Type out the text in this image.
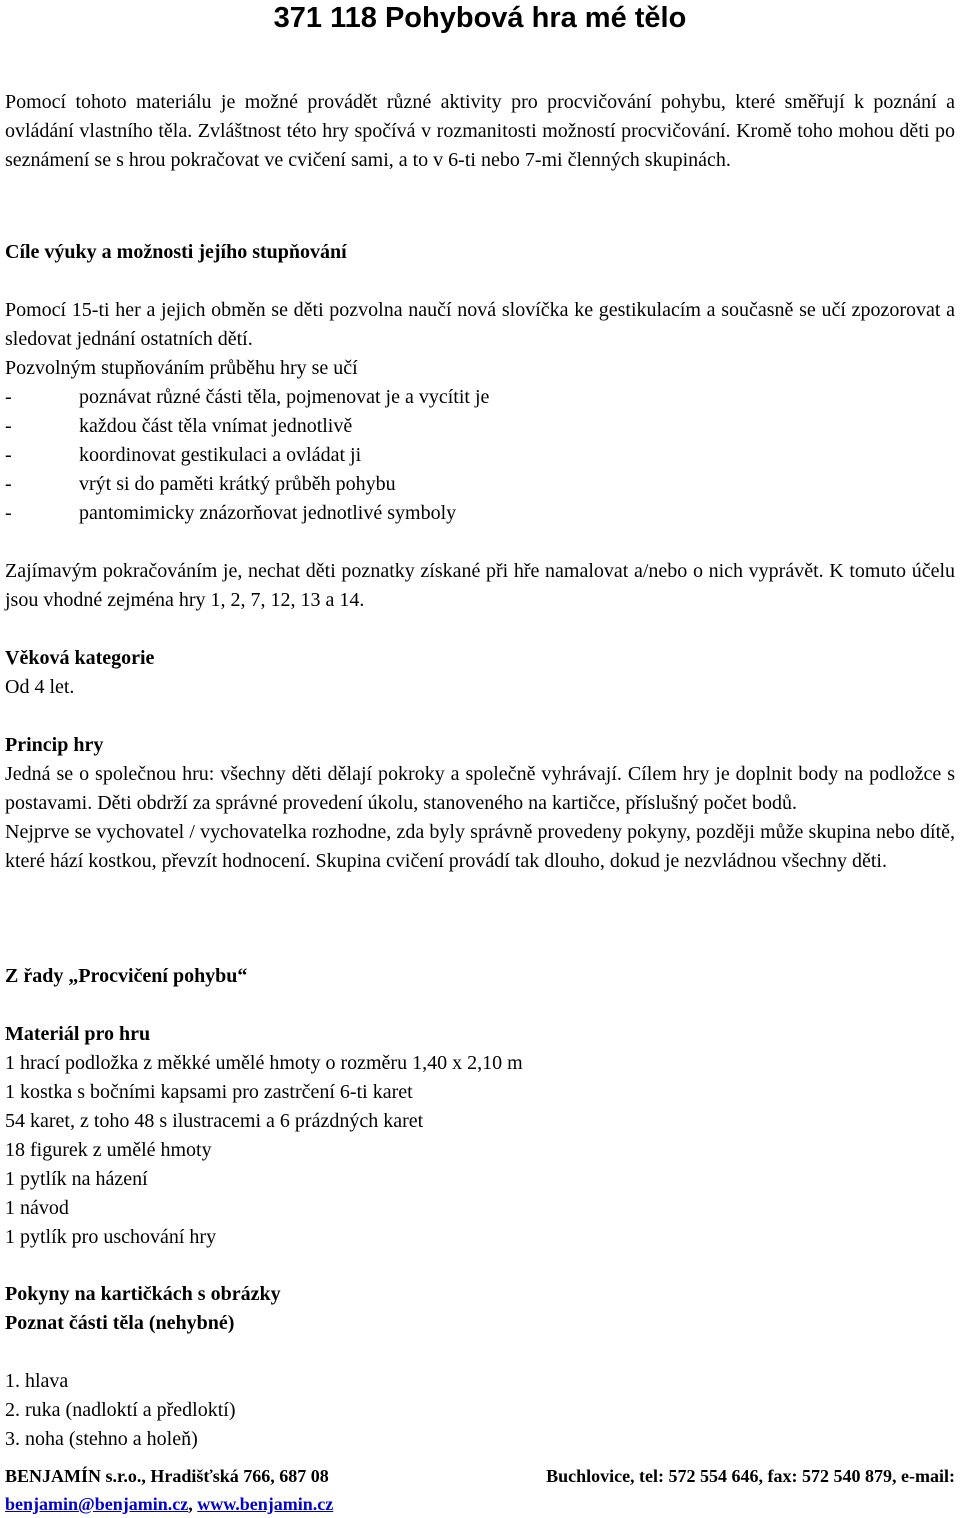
371 118 Pohybová hra mé tělo

Pomocí tohoto materiálu je možné provádět různé aktivity pro procvičování pohybu, které směřují k poznání a ovládání vlastního těla. Zvláštnost této hry spočívá v rozmanitosti možností procvičování. Kromě toho mohou děti po seznámení se s hrou pokračovat ve cvičení sami, a to v 6-ti nebo 7-mi členných skupinách.

Cíle výuky a možnosti jejího stupňování

Pomocí 15-ti her a jejich obměn se děti pozvolna naučí nová slovíčka ke gestikulacím a současně se učí zpozorovat a sledovat jednání ostatních dětí.

Pozvolným stupňováním průběhu hry se učí

-	poznávat různé části těla, pojmenovat je a vycítit je
-	každou část těla vnímat jednotlivě
-	koordinovat gestikulaci a ovládat ji
-	vrýt si do paměti krátký průběh pohybu
-	pantomimicky znázorňovat jednotlivé symboly

Zajímavým pokračováním je, nechat děti poznatky získané při hře namalovat a/nebo o nich vyprávět. K tomuto účelu jsou vhodné zejména hry 1, 2, 7, 12, 13 a 14.

Věková kategorie

Od 4 let.

Princip hry

Jedná se o společnou hru: všechny děti dělají pokroky a společně vyhrávají. Cílem hry je doplnit body na podložce s postavami. Děti obdrží za správné provedení úkolu, stanoveného na kartičce, příslušný počet bodů.

Nejprve se vychovatel / vychovatelka rozhodne, zda byly správně provedeny pokyny, později může skupina nebo dítě, které hází kostkou, převzít hodnocení. Skupina cvičení provádí tak dlouho, dokud je nezvládnou všechny děti.

Z řady „Procvičení pohybu“

Materiál pro hru

1 hrací podložka z měkké umělé hmoty o rozměru 1,40 x 2,10 m

1 kostka s bočními kapsami pro zastrčení 6-ti karet

54 karet, z toho 48 s ilustracemi a 6 prázdných karet

18 figurek z umělé hmoty

1 pytlík na házení

1 návod

1 pytlík pro uschování hry

Pokyny na kartičkách s obrázky

Poznat části těla (nehybné)

1. hlava

2. ruka (nadloktí a předloktí)

3. noha (stehno a holeň)

BENJAMÍN s.r.o., Hradišťská 766, 687 08	Buchlovice, tel: 572 554 646, fax: 572 540 879, e-mail:
benjamin@benjamin.cz, www.benjamin.cz
